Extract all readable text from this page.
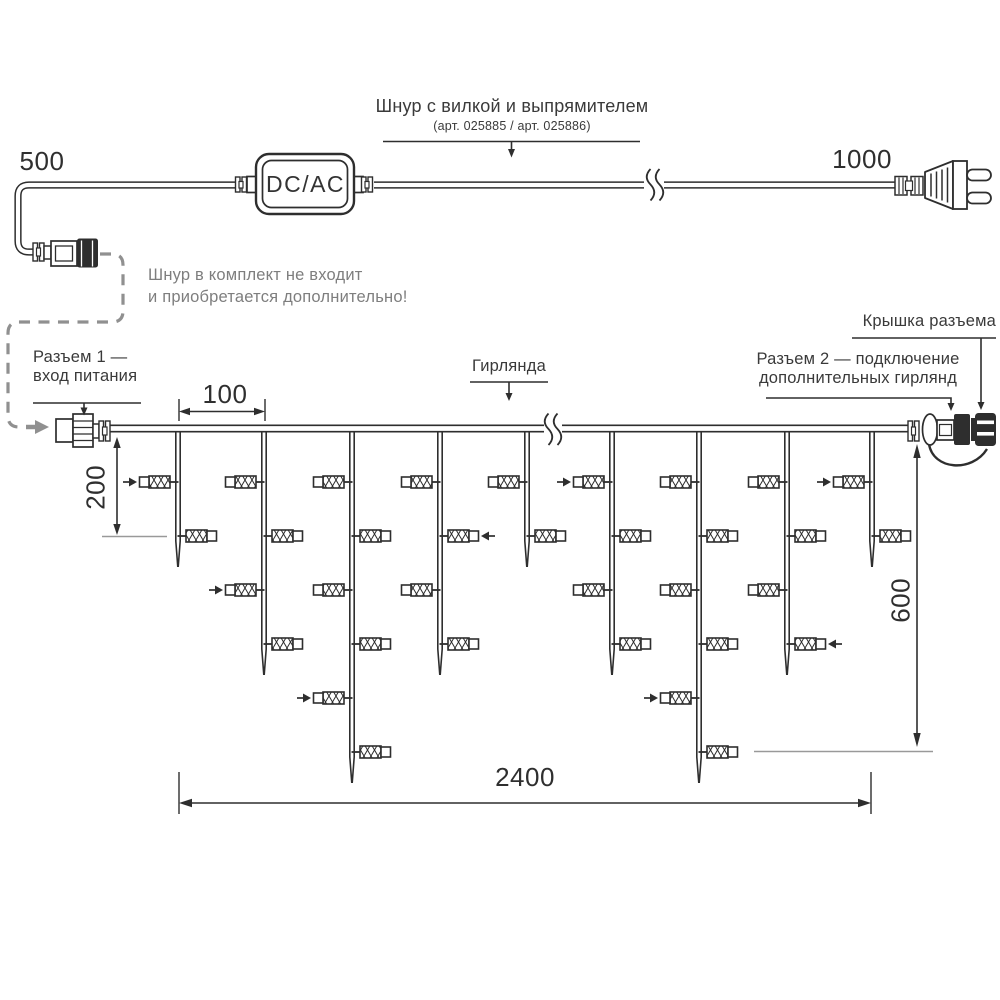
Шнур с вилкой и выпрямителем
(арт. 025885 / арт. 025886)
500	1000
Шнур в комплект не входит
и приобретается дополнительно!
Разъем 1 —
вход питания
Гирлянда	Разъем 2 — подключение
дополнительных гирлянд
Крышка разъема
100
200
600
2400
DC/AC
